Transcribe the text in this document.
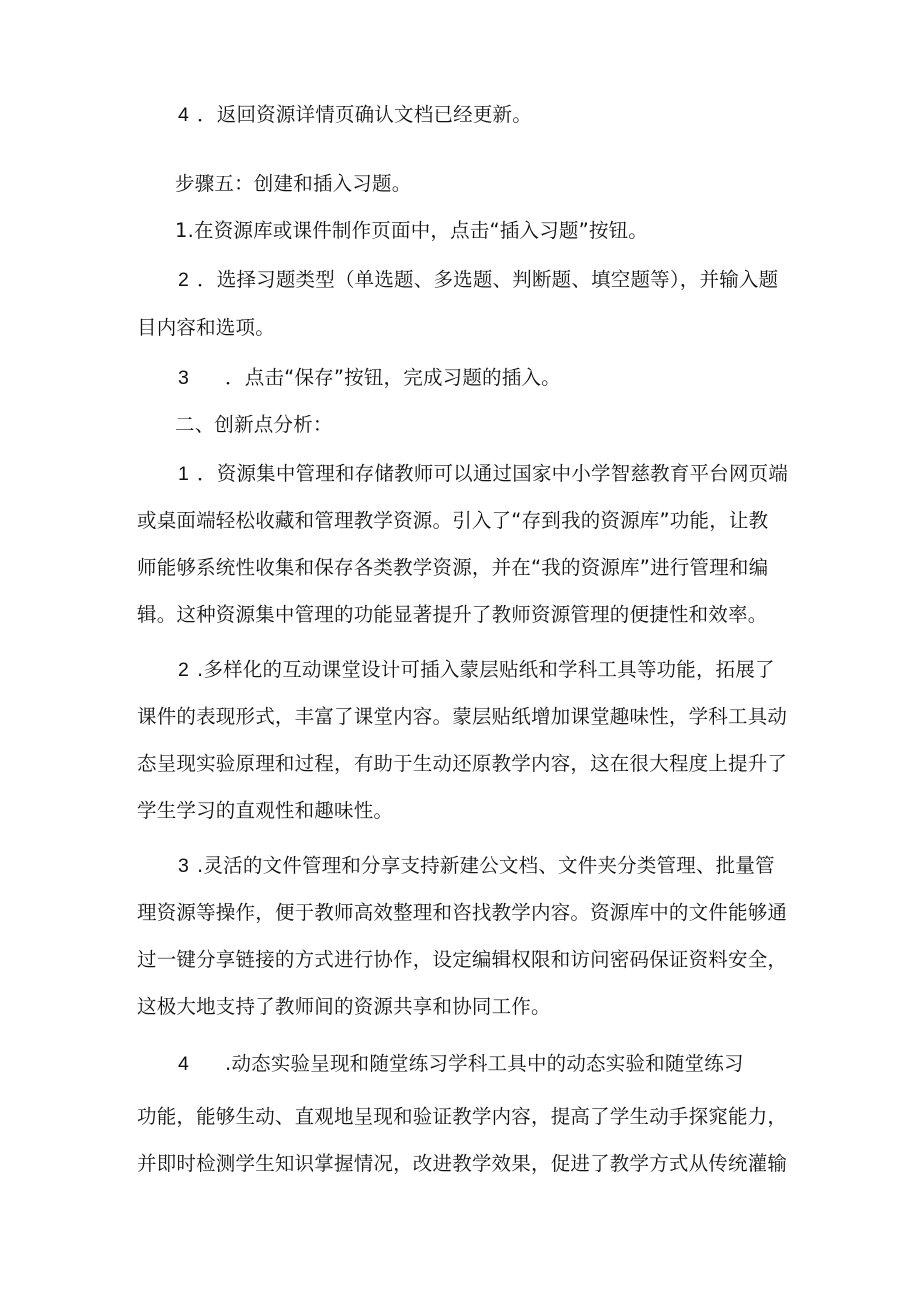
4 ．返回资源详情页确认文档已经更新。
步骤五：创建和插入习题。
1.在资源库或课件制作页面中，点击“插入习题”按钮。
2 ．选择习题类型（单选题、多选题、判断题、填空题等），并输入题
目内容和选项。
3 ．点击“保存”按钮，完成习题的插入。
二、创新点分析：
1 ．资源集中管理和存储教师可以通过国家中小学智慈教育平台网页端
或桌面端轻松收藏和管理教学资源。引入了“存到我的资源库”功能，让教
师能够系统性收集和保存各类教学资源，并在“我的资源库”进行管理和编
辑。这种资源集中管理的功能显著提升了教师资源管理的便捷性和效率。
2 .多样化的互动课堂设计可插入蒙层贴纸和学科工具等功能，拓展了
课件的表现形式，丰富了课堂内容。蒙层贴纸增加课堂趣味性，学科工具动
态呈现实验原理和过程，有助于生动还原教学内容，这在很大程度上提升了
学生学习的直观性和趣味性。
3 .灵活的文件管理和分享支持新建公文档、文件夹分类管理、批量管
理资源等操作，便于教师高效整理和咨找教学内容。资源库中的文件能够通
过一键分享链接的方式进行协作，设定编辑权限和访问密码保证资料安全，
这极大地支持了教师间的资源共享和协同工作。
4 .动态实验呈现和随堂练习学科工具中的动态实验和随堂练习
功能，能够生动、直观地呈现和验证教学内容，提高了学生动手探窕能力，
并即时检测学生知识掌握情况，改进教学效果，促进了教学方式从传统灌输
